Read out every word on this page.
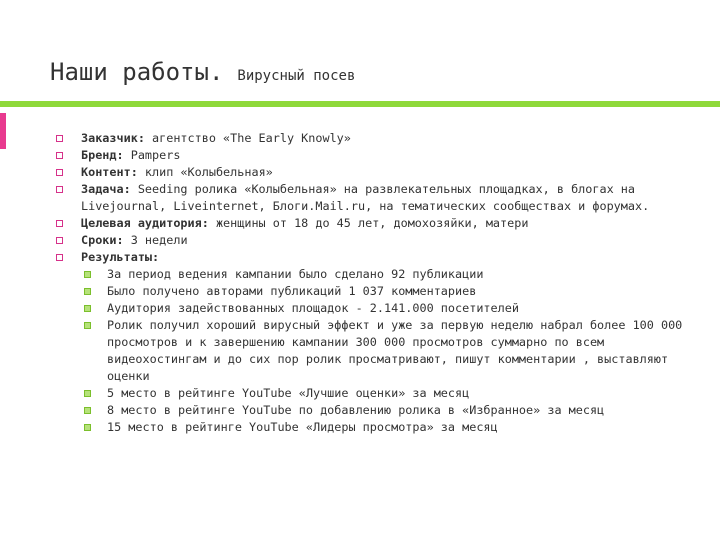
Наши работы. Вирусный посев
Заказчик: агентство «The Early Knowly»
Бренд: Pampers
Контент: клип «Колыбельная»
Задача: Seeding ролика «Колыбельная» на развлекательных площадках, в блогах на Livejournal, Liveinternet, Блоги.Mail.ru, на тематических сообществах и форумах.
Целевая аудитория: женщины от 18 до 45 лет, домохозяйки, матери
Сроки: 3 недели
Результаты:
За период ведения кампании было сделано 92 публикации
Было получено авторами публикаций 1 037 комментариев
Аудитория задействованных площадок - 2.141.000 посетителей
Ролик получил хороший вирусный эффект и уже за первую неделю набрал более 100 000 просмотров и к завершению кампании 300 000 просмотров суммарно по всем видеохостингам и до сих пор ролик просматривают, пишут комментарии , выставляют оценки
5 место в рейтинге YouTube «Лучшие оценки» за месяц
8 место в рейтинге YouTube по добавлению ролика в «Избранное» за месяц
15 место в рейтинге YouTube «Лидеры просмотра» за месяц
